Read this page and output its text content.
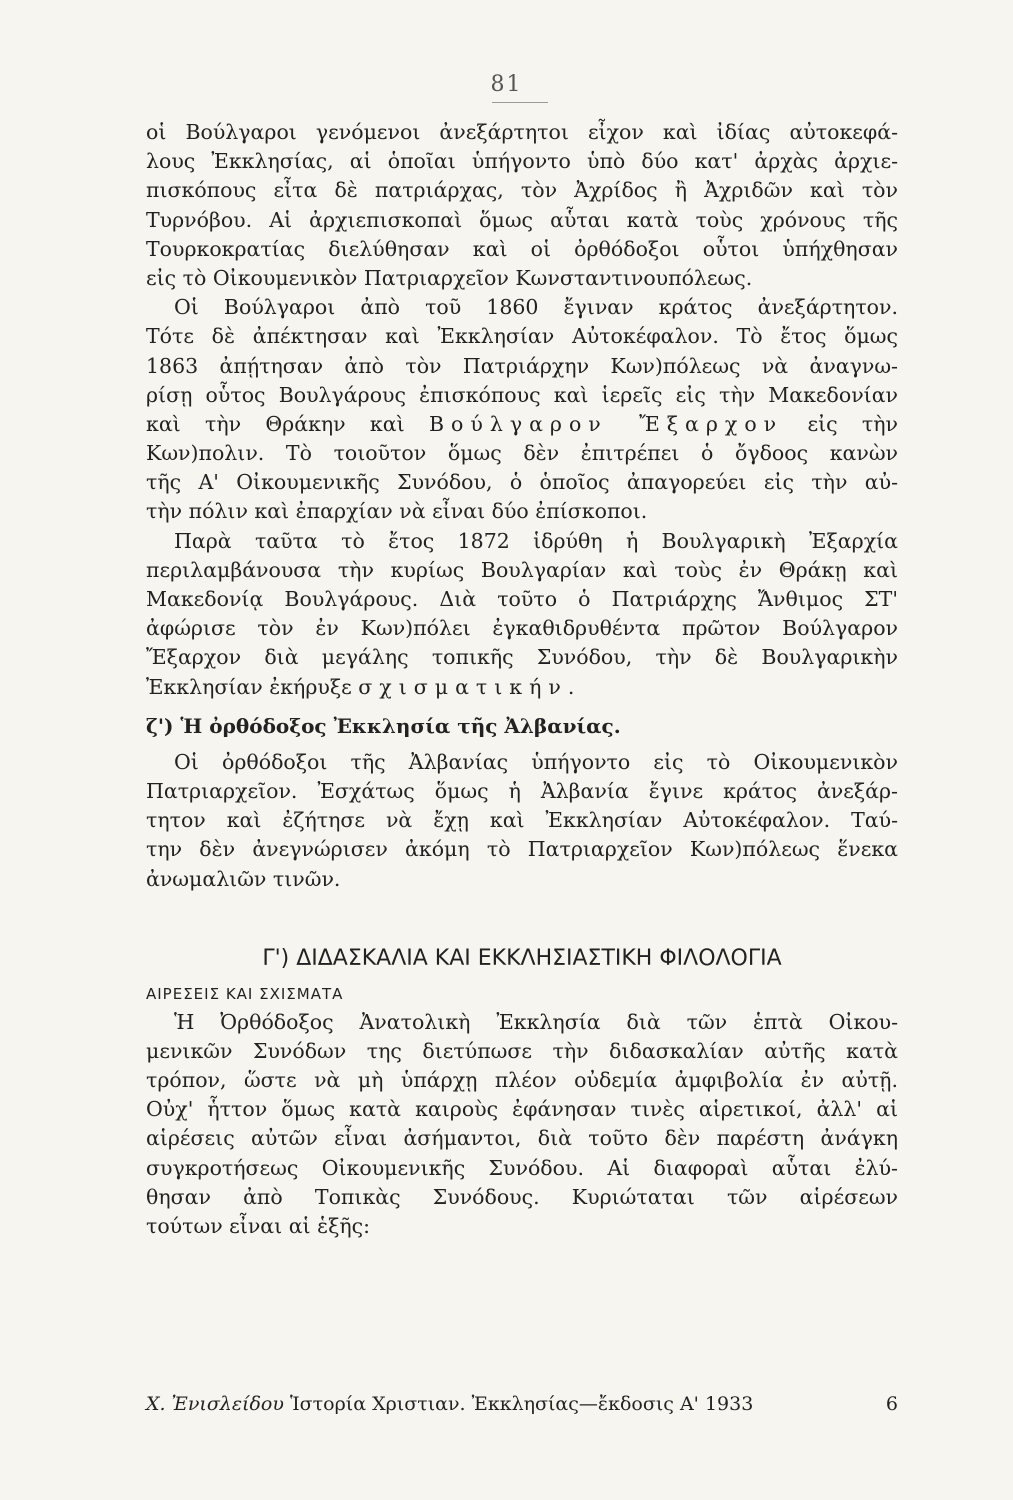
81
οἱ Βούλγαροι γενόμενοι ἀνεξάρτητοι εἶχον καὶ ἰδίας αὐτοκεφά-
λους Ἐκκλησίας, αἱ ὁποῖαι ὑπήγοντο ὑπὸ δύο κατ' ἀρχὰς ἀρχιε-
πισκόπους εἶτα δὲ πατριάρχας, τὸν Ἀχρίδος ἢ Ἀχριδῶν καὶ τὸν
Τυρνόβου. Αἱ ἀρχιεπισκοπαὶ ὅμως αὗται κατὰ τοὺς χρόνους τῆς
Τουρκοκρατίας διελύθησαν καὶ οἱ ὀρθόδοξοι οὗτοι ὑπήχθησαν
εἰς τὸ Οἰκουμενικὸν Πατριαρχεῖον Κωνσταντινουπόλεως.
Οἱ Βούλγαροι ἀπὸ τοῦ 1860 ἔγιναν κράτος ἀνεξάρτητον.
Τότε δὲ ἀπέκτησαν καὶ Ἐκκλησίαν Αὐτοκέφαλον. Τὸ ἔτος ὅμως
1863 ἀπῄτησαν ἀπὸ τὸν Πατριάρχην Κων)πόλεως νὰ ἀναγνω-
ρίσῃ οὗτος Βουλγάρους ἐπισκόπους καὶ ἱερεῖς εἰς τὴν Μακεδονίαν
καὶ τὴν Θράκην καὶ Βούλγαρον Ἔξαρχον εἰς τὴν
Κων)πολιν. Τὸ τοιοῦτον ὅμως δὲν ἐπιτρέπει ὁ ὄγδοος κανὼν
τῆς Α' Οἰκουμενικῆς Συνόδου, ὁ ὁποῖος ἀπαγορεύει εἰς τὴν αὐ-
τὴν πόλιν καὶ ἐπαρχίαν νὰ εἶναι δύο ἐπίσκοποι.
Παρὰ ταῦτα τὸ ἔτος 1872 ἱδρύθη ἡ Βουλγαρικὴ Ἐξαρχία
περιλαμβάνουσα τὴν κυρίως Βουλγαρίαν καὶ τοὺς ἐν Θράκῃ καὶ
Μακεδονίᾳ Βουλγάρους. Διὰ τοῦτο ὁ Πατριάρχης Ἄνθιμος ΣΤ'
ἀφώρισε τὸν ἐν Κων)πόλει ἐγκαθιδρυθέντα πρῶτον Βούλγαρον
Ἔξαρχον διὰ μεγάλης τοπικῆς Συνόδου, τὴν δὲ Βουλγαρικὴν
Ἐκκλησίαν ἐκήρυξε σχισματικήν.
ζ') Ἡ ὀρθόδοξος Ἐκκλησία τῆς Ἀλβανίας.
Οἱ ὀρθόδοξοι τῆς Ἀλβανίας ὑπήγοντο εἰς τὸ Οἰκουμενικὸν
Πατριαρχεῖον. Ἐσχάτως ὅμως ἡ Ἀλβανία ἔγινε κράτος ἀνεξάρ-
τητον καὶ ἐζήτησε νὰ ἔχῃ καὶ Ἐκκλησίαν Αὐτοκέφαλον. Ταύ-
την δὲν ἀνεγνώρισεν ἀκόμη τὸ Πατριαρχεῖον Κων)πόλεως ἕνεκα
ἀνωμαλιῶν τινῶν.
Γ') ΔΙΔΑΣΚΑΛΙΑ ΚΑΙ ΕΚΚΛΗΣΙΑΣΤΙΚΗ ΦΙΛΟΛΟΓΙΑ
ΑΙΡΕΣΕΙΣ ΚΑΙ ΣΧΙΣΜΑΤΑ
Ἡ Ὀρθόδοξος Ἀνατολικὴ Ἐκκλησία διὰ τῶν ἑπτὰ Οἰκου-
μενικῶν Συνόδων της διετύπωσε τὴν διδασκαλίαν αὐτῆς κατὰ
τρόπον, ὥστε νὰ μὴ ὑπάρχῃ πλέον οὐδεμία ἀμφιβολία ἐν αὐτῇ.
Οὐχ' ἧττον ὅμως κατὰ καιροὺς ἐφάνησαν τινὲς αἱρετικοί, ἀλλ' αἱ
αἱρέσεις αὐτῶν εἶναι ἀσήμαντοι, διὰ τοῦτο δὲν παρέστη ἀνάγκη
συγκροτήσεως Οἰκουμενικῆς Συνόδου. Αἱ διαφοραὶ αὗται ἐλύ-
θησαν ἀπὸ Τοπικὰς Συνόδους. Κυριώταται τῶν αἱρέσεων
τούτων εἶναι αἱ ἑξῆς:
Χ. Ἐνισλείδου Ἱστορία Χριστιαν. Ἐκκλησίας—ἔκδοσις Α' 1933	6
